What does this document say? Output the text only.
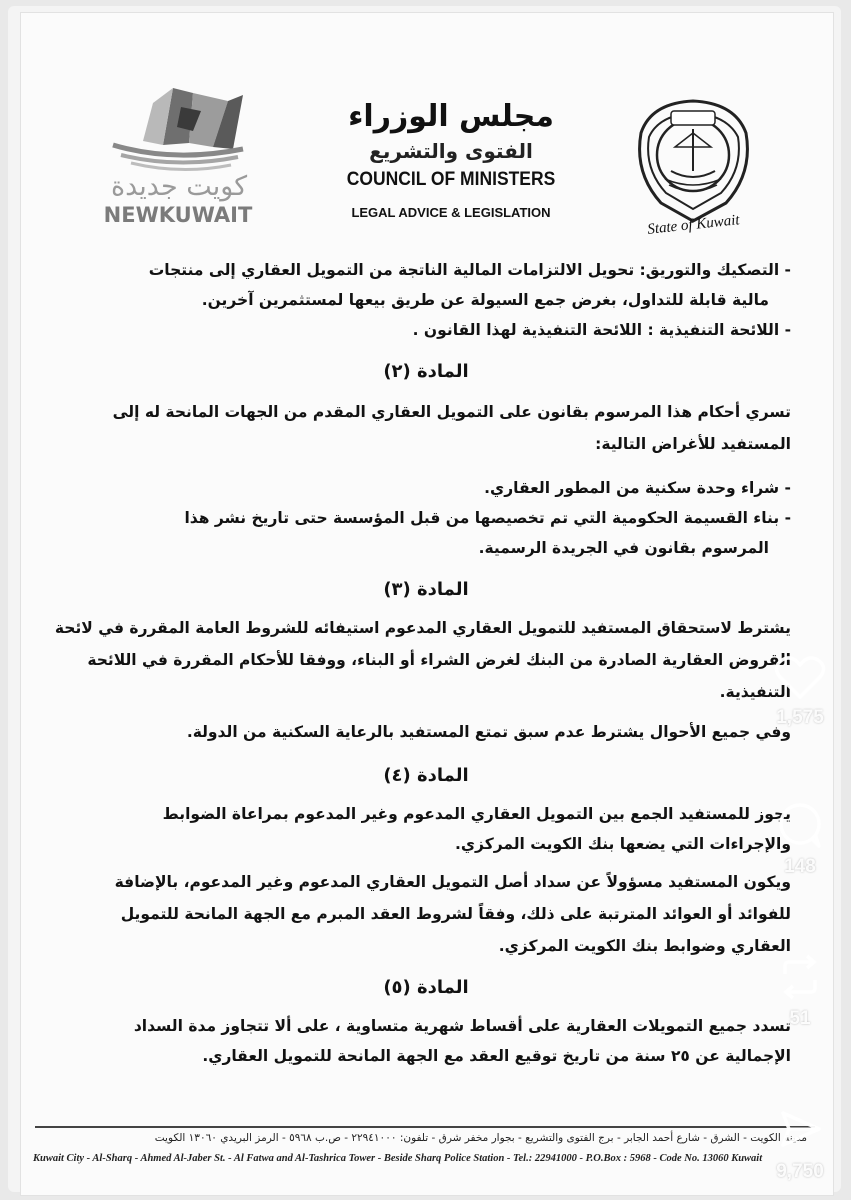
كويت جديدة
NEWKUWAIT
مجلس الوزراء
الفتوى والتشريع
COUNCIL OF MINISTERS
LEGAL ADVICE & LEGISLATION	State of Kuwait
- التصكيك والتوريق: تحويل الالتزامات المالية الناتجة من التمويل العقاري إلى منتجات
مالية قابلة للتداول، بغرض جمع السيولة عن طريق بيعها لمستثمرين آخرين.
- اللائحة التنفيذية : اللائحة التنفيذية لهذا القانون .
المادة (٢)
تسري أحكام هذا المرسوم بقانون على التمويل العقاري المقدم من الجهات المانحة له إلى
المستفيد للأغراض التالية:
- شراء وحدة سكنية من المطور العقاري.
- بناء القسيمة الحكومية التي تم تخصيصها من قبل المؤسسة حتى تاريخ نشر هذا
المرسوم بقانون في الجريدة الرسمية.
المادة (٣)
يشترط لاستحقاق المستفيد للتمويل العقاري المدعوم استيفائه للشروط العامة المقررة في لائحة
القروض العقارية الصادرة من البنك لغرض الشراء أو البناء، ووفقا للأحكام المقررة في اللائحة
التنفيذية.
وفي جميع الأحوال يشترط عدم سبق تمتع المستفيد بالرعاية السكنية من الدولة.
المادة (٤)
يجوز للمستفيد الجمع بين التمويل العقاري المدعوم وغير المدعوم بمراعاة الضوابط
والإجراءات التي يضعها بنك الكويت المركزي.
ويكون المستفيد مسؤولاً عن سداد أصل التمويل العقاري المدعوم وغير المدعوم، بالإضافة
للفوائد أو العوائد المترتبة على ذلك، وفقاً لشروط العقد المبرم مع الجهة المانحة للتمويل
العقاري وضوابط بنك الكويت المركزي.
المادة (٥)
تسدد جميع التمويلات العقارية على أقساط شهرية متساوية ، على ألا تتجاوز مدة السداد
الإجمالية عن ٢٥ سنة من تاريخ توقيع العقد مع الجهة المانحة للتمويل العقاري.
مدينة الكويت - الشرق - شارع أحمد الجابر - برج الفتوى والتشريع - بجوار مخفر شرق - تلفون: ٢٢٩٤١٠٠٠ - ص.ب ٥٩٦٨ - الرمز البريدي ١٣٠٦٠ الكويت
Kuwait City - Al-Sharq - Ahmed Al-Jaber St. - Al Fatwa and Al-Tashrica Tower - Beside Sharq Police Station - Tel.: 22941000 - P.O.Box : 5968 - Code No. 13060 Kuwait
1,575
148
51
9,750
